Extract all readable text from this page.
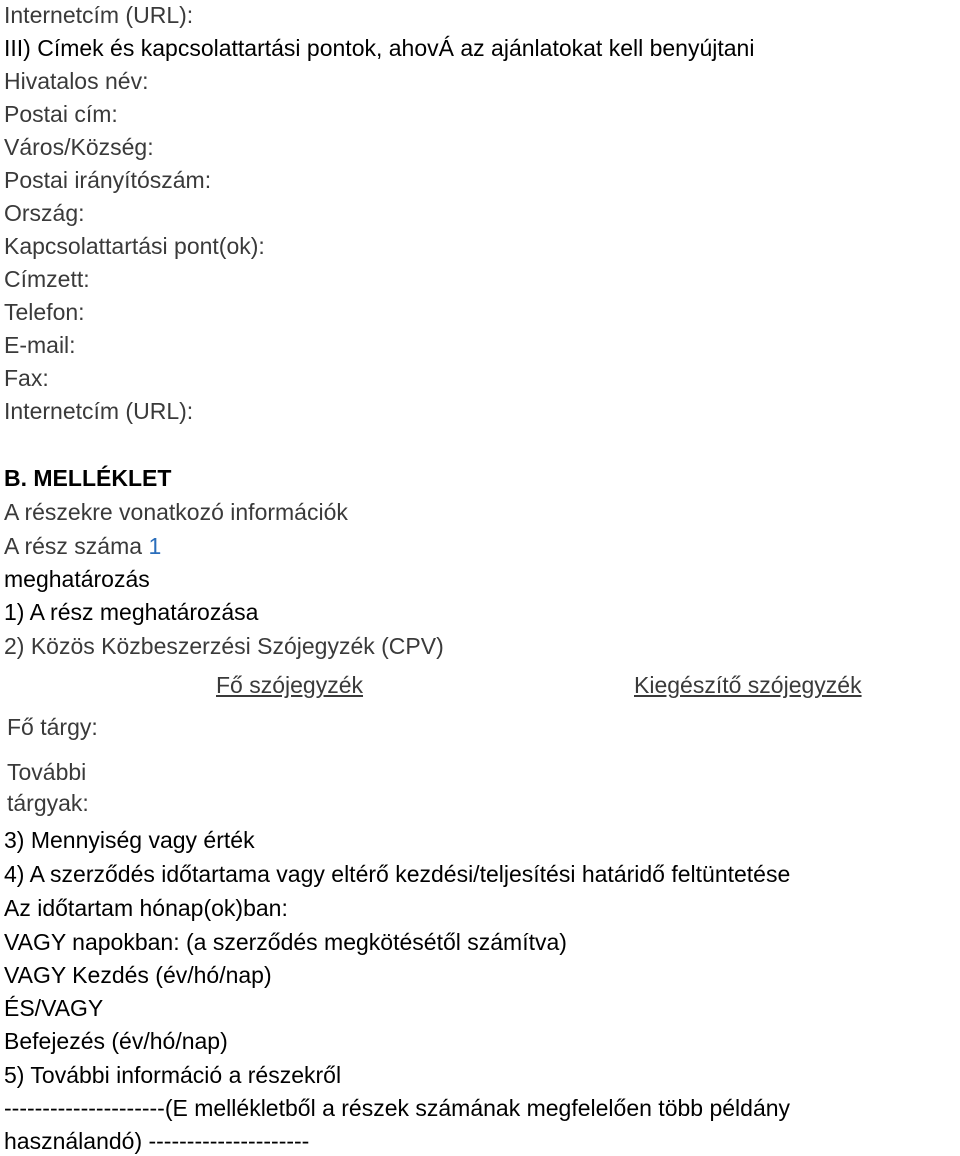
Internetcím (URL):
III) Címek és kapcsolattartási pontok, ahovÁ az ajánlatokat kell benyújtani
Hivatalos név:
Postai cím:
Város/Község:
Postai irányítószám:
Ország:
Kapcsolattartási pont(ok):
Címzett:
Telefon:
E-mail:
Fax:
Internetcím (URL):
B. MELLÉKLET
A részekre vonatkozó információk
A rész száma 1
meghatározás
1) A rész meghatározása
2) Közös Közbeszerzési Szójegyzék (CPV)
Fő szójegyzék	Kiegészítő szójegyzék
Fő tárgy:
További
tárgyak:
3) Mennyiség vagy érték
4) A szerződés időtartama vagy eltérő kezdési/teljesítési határidő feltüntetése
Az időtartam hónap(ok)ban:
VAGY napokban: (a szerződés megkötésétől számítva)
VAGY Kezdés (év/hó/nap)
ÉS/VAGY
Befejezés (év/hó/nap)
5) További információ a részekről
---------------------(E mellékletből a részek számának megfelelően több példány
használandó) ---------------------
